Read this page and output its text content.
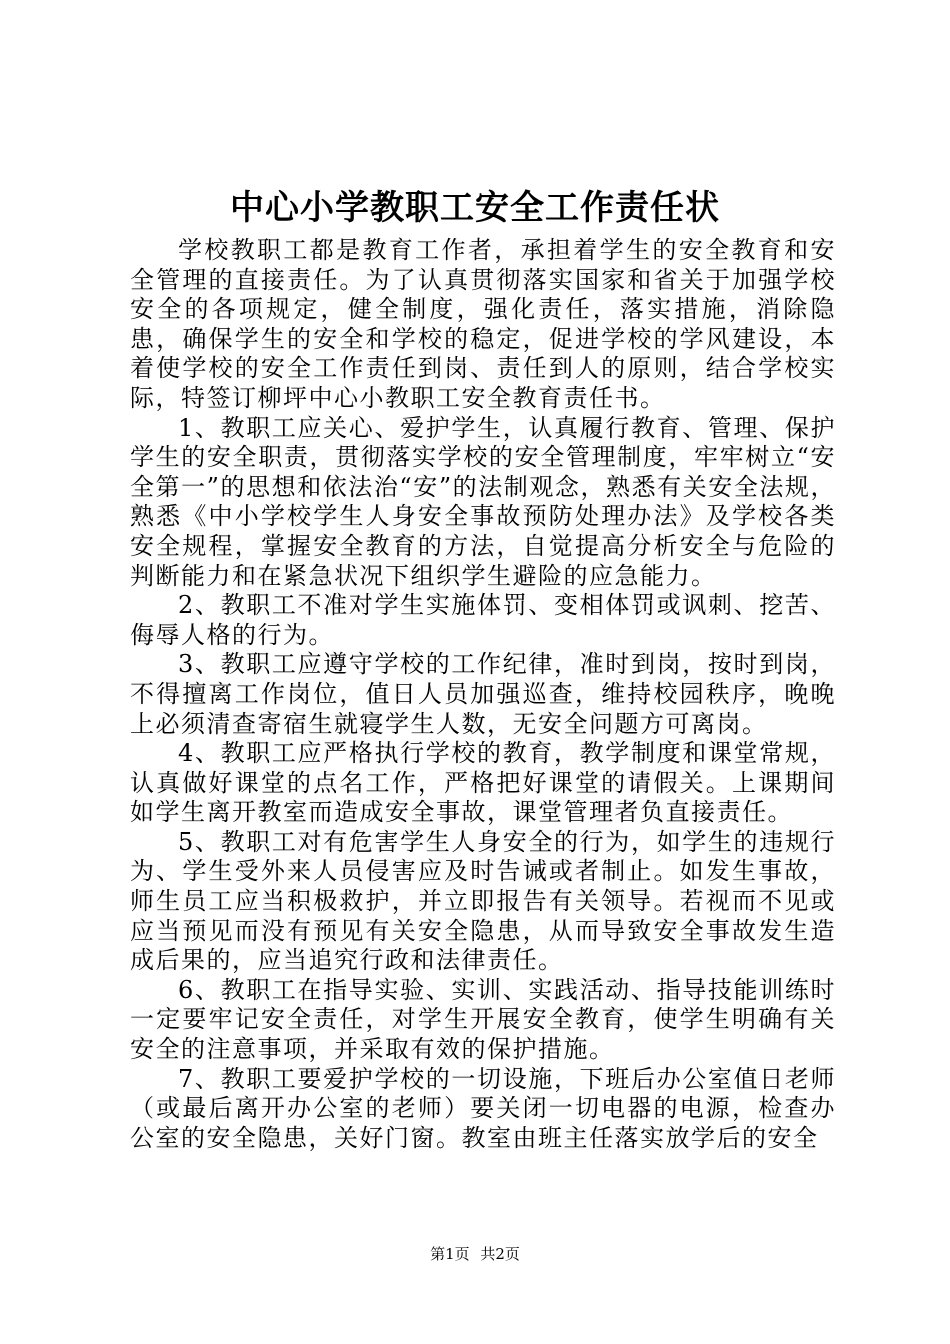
中心小学教职工安全工作责任状

学校教职工都是教育工作者，承担着学生的安全教育和安全管理的直接责任。为了认真贯彻落实国家和省关于加强学校安全的各项规定，健全制度，强化责任，落实措施，消除隐患，确保学生的安全和学校的稳定，促进学校的学风建设，本着使学校的安全工作责任到岗、责任到人的原则，结合学校实际，特签订柳坪中心小教职工安全教育责任书。

1、教职工应关心、爱护学生，认真履行教育、管理、保护学生的安全职责，贯彻落实学校的安全管理制度，牢牢树立“安全第一”的思想和依法治“安”的法制观念，熟悉有关安全法规，熟悉《中小学校学生人身安全事故预防处理办法》及学校各类安全规程，掌握安全教育的方法，自觉提高分析安全与危险的判断能力和在紧急状况下组织学生避险的应急能力。

2、教职工不准对学生实施体罚、变相体罚或讽刺、挖苦、侮辱人格的行为。

3、教职工应遵守学校的工作纪律，准时到岗，按时到岗，不得擅离工作岗位，值日人员加强巡查，维持校园秩序，晚晚上必须清查寄宿生就寝学生人数，无安全问题方可离岗。

4、教职工应严格执行学校的教育，教学制度和课堂常规，认真做好课堂的点名工作，严格把好课堂的请假关。上课期间如学生离开教室而造成安全事故，课堂管理者负直接责任。

5、教职工对有危害学生人身安全的行为，如学生的违规行为、学生受外来人员侵害应及时告诫或者制止。如发生事故，师生员工应当积极救护，并立即报告有关领导。若视而不见或应当预见而没有预见有关安全隐患，从而导致安全事故发生造成后果的，应当追究行政和法律责任。

6、教职工在指导实验、实训、实践活动、指导技能训练时一定要牢记安全责任，对学生开展安全教育，使学生明确有关安全的注意事项，并采取有效的保护措施。

7、教职工要爱护学校的一切设施，下班后办公室值日老师（或最后离开办公室的老师）要关闭一切电器的电源，检查办公室的安全隐患，关好门窗。教室由班主任落实放学后的安全

第1页 共2页
